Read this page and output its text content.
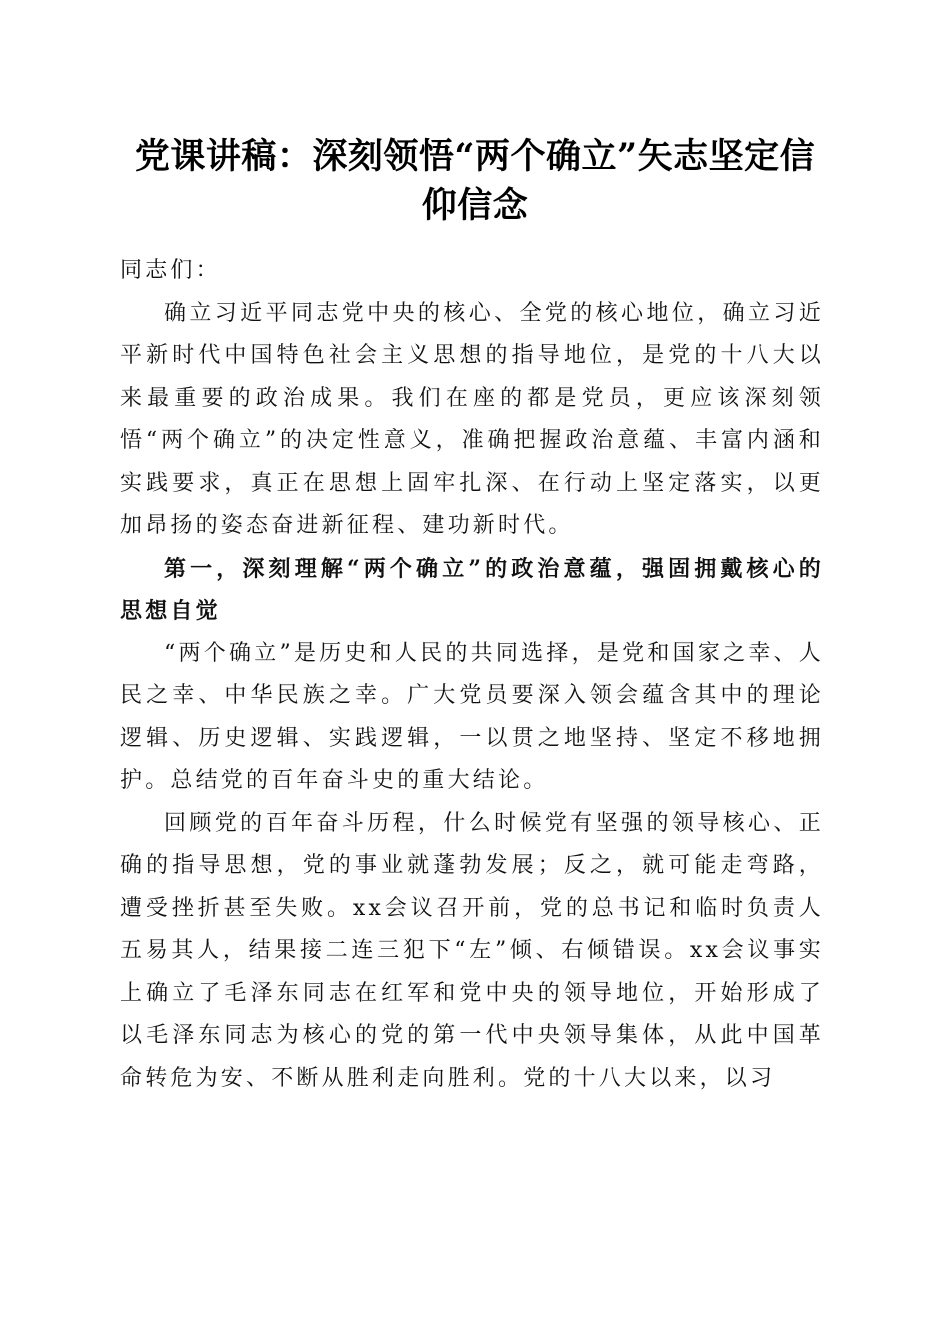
党课讲稿：深刻领悟“两个确立”矢志坚定信
仰信念

同志们：

确立习近平同志党中央的核心、全党的核心地位，确立习近平新时代中国特色社会主义思想的指导地位，是党的十八大以来最重要的政治成果。我们在座的都是党员，更应该深刻领悟“两个确立”的决定性意义，准确把握政治意蕴、丰富内涵和实践要求，真正在思想上固牢扎深、在行动上坚定落实，以更加昂扬的姿态奋进新征程、建功新时代。

第一，深刻理解“两个确立”的政治意蕴，强固拥戴核心的思想自觉

“两个确立”是历史和人民的共同选择，是党和国家之幸、人民之幸、中华民族之幸。广大党员要深入领会蕴含其中的理论逻辑、历史逻辑、实践逻辑，一以贯之地坚持、坚定不移地拥护。总结党的百年奋斗史的重大结论。

回顾党的百年奋斗历程，什么时候党有坚强的领导核心、正确的指导思想，党的事业就蓬勃发展；反之，就可能走弯路，遭受挫折甚至失败。xx会议召开前，党的总书记和临时负责人五易其人，结果接二连三犯下“左”倾、右倾错误。xx会议事实上确立了毛泽东同志在红军和党中央的领导地位，开始形成了以毛泽东同志为核心的党的第一代中央领导集体，从此中国革命转危为安、不断从胜利走向胜利。党的十八大以来，以习
